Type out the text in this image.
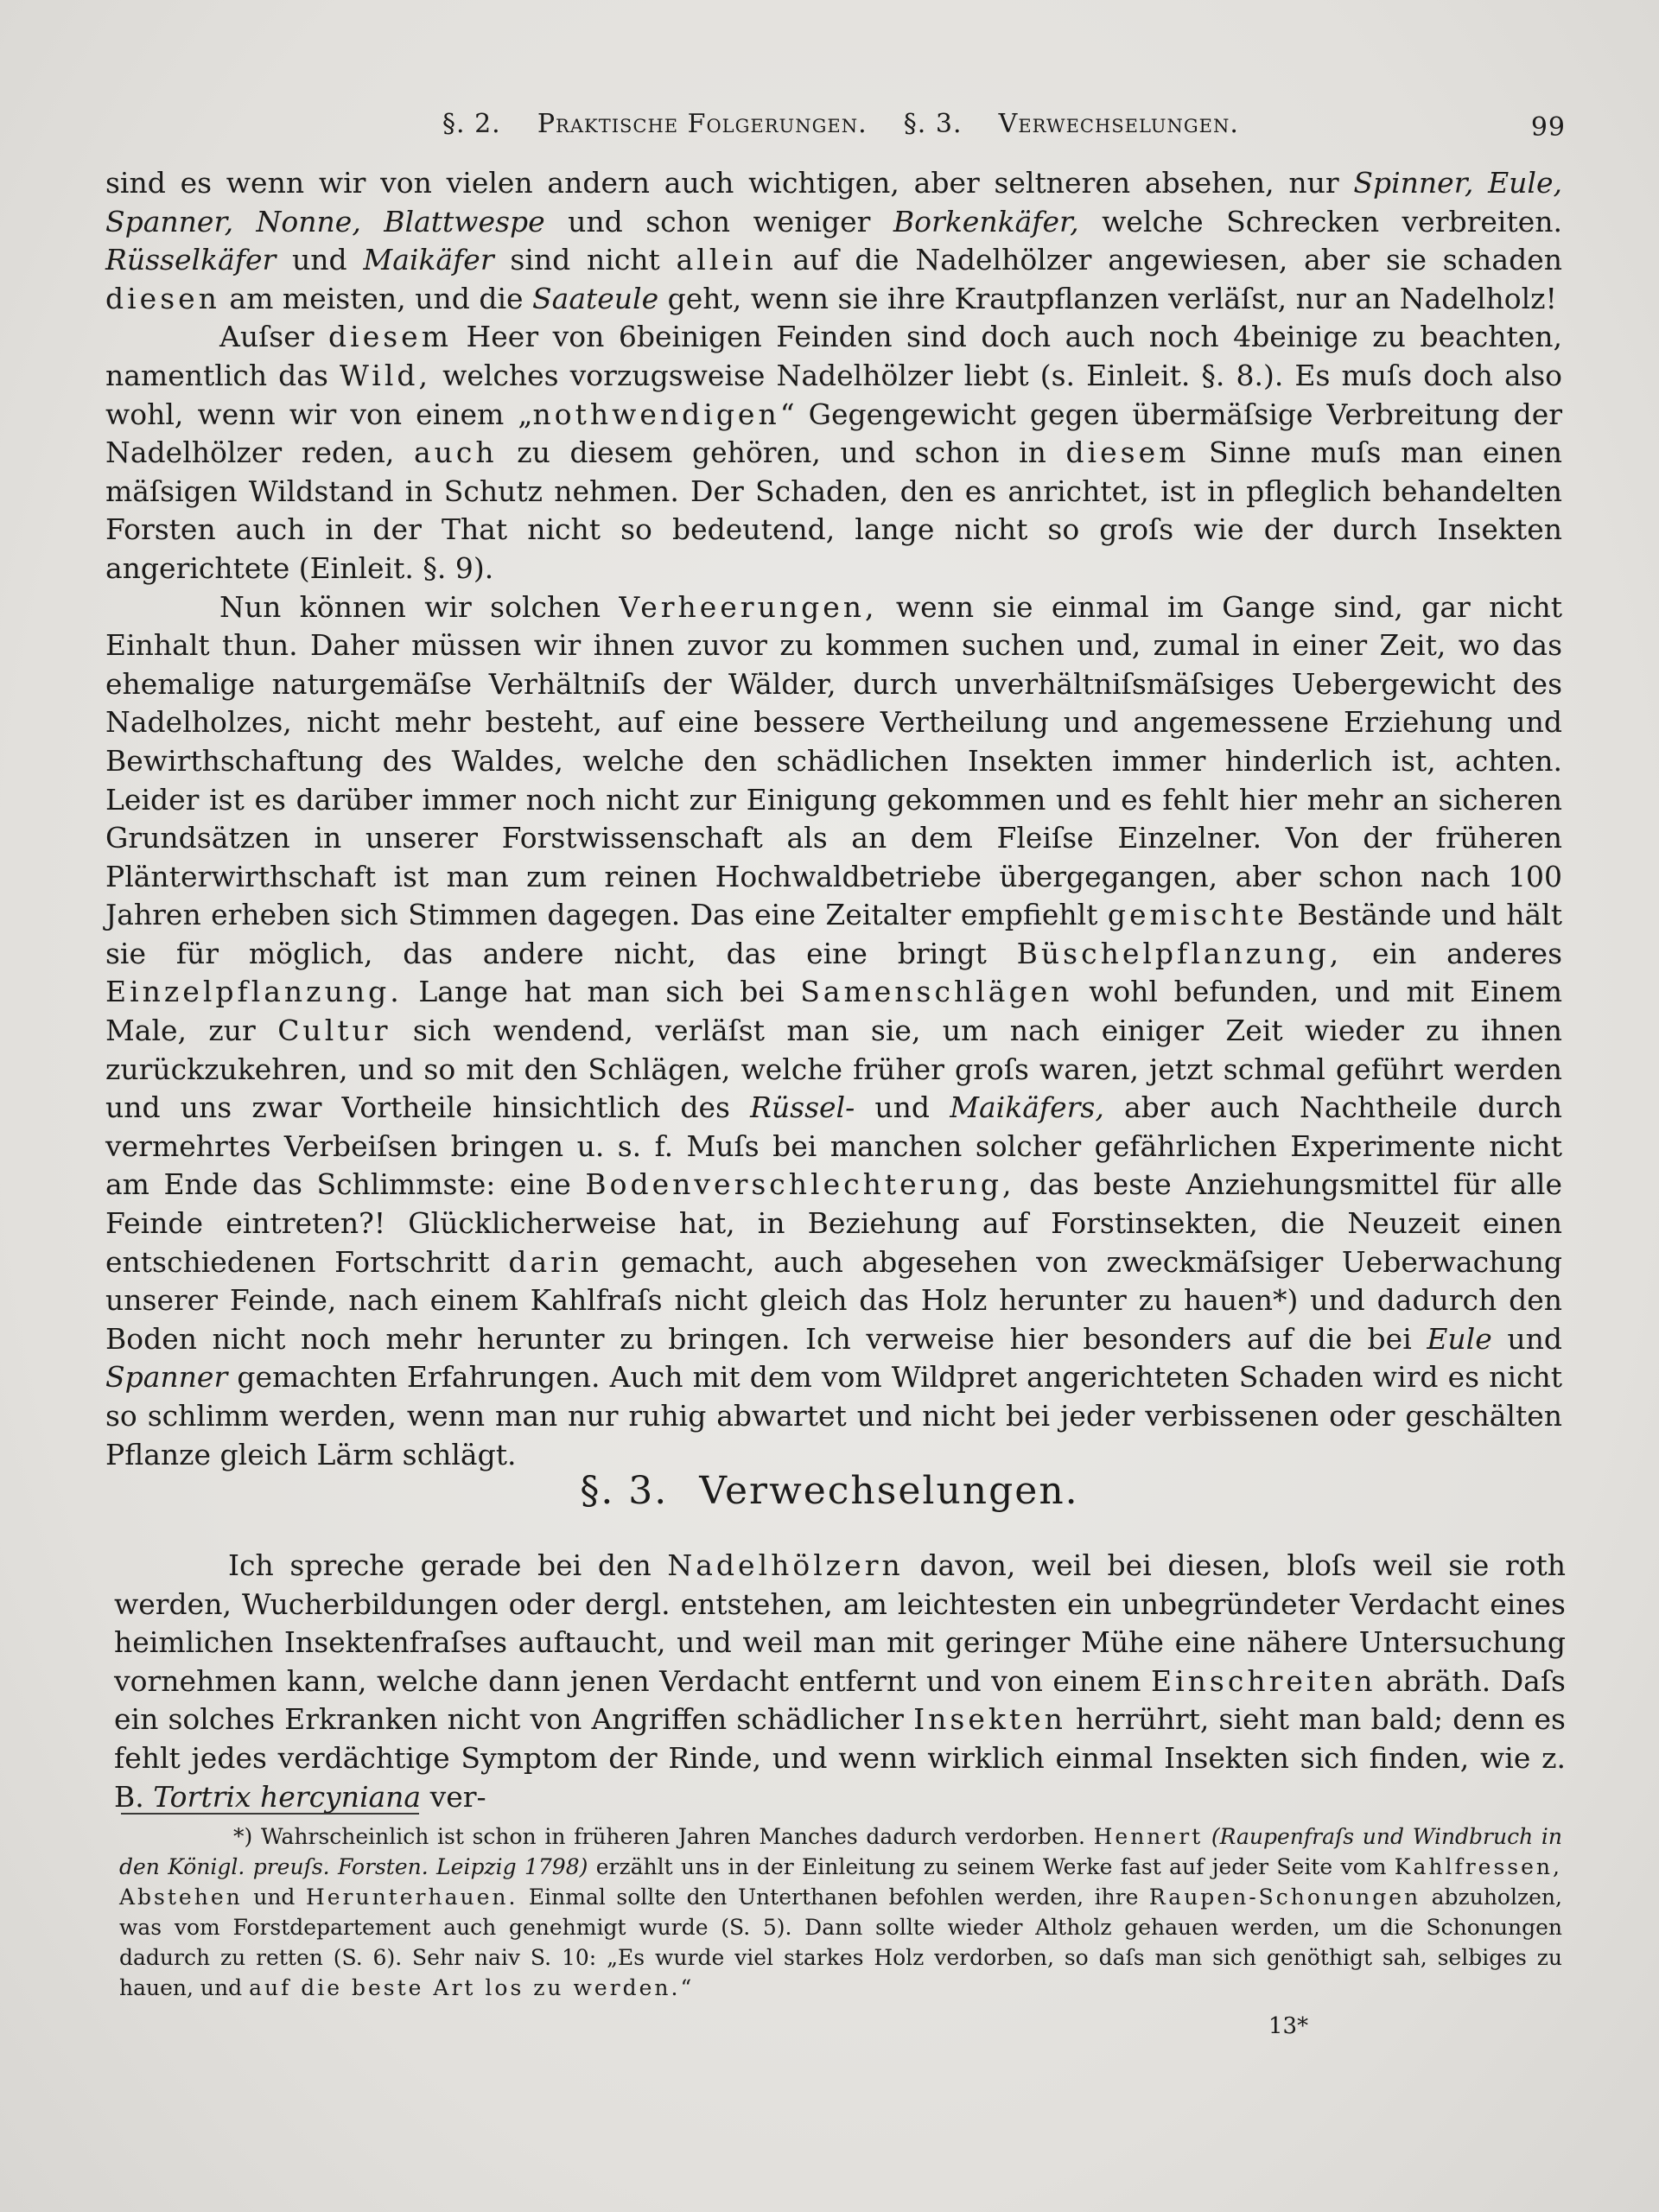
§. 2. Praktische Folgerungen. §. 3. Verwechselungen.	99

sind es wenn wir von vielen andern auch wichtigen, aber seltneren absehen, nur Spinner, Eule, Spanner, Nonne, Blattwespe und schon weniger Borkenkäfer, welche Schrecken verbreiten. Rüsselkäfer und Maikäfer sind nicht allein auf die Nadelhölzer angewiesen, aber sie schaden diesen am meisten, und die Saateule geht, wenn sie ihre Krautpflanzen verläſst, nur an Nadelholz!

Auſser diesem Heer von 6beinigen Feinden sind doch auch noch 4beinige zu beachten, namentlich das Wild, welches vorzugsweise Nadelhölzer liebt (s. Einleit. §. 8.). Es muſs doch also wohl, wenn wir von einem „nothwendigen“ Gegengewicht gegen übermäſsige Verbreitung der Nadelhölzer reden, auch zu diesem gehören, und schon in diesem Sinne muſs man einen mäſsigen Wildstand in Schutz nehmen. Der Schaden, den es anrichtet, ist in pfleglich behandelten Forsten auch in der That nicht so bedeutend, lange nicht so groſs wie der durch Insekten angerichtete (Einleit. §. 9).

Nun können wir solchen Verheerungen, wenn sie einmal im Gange sind, gar nicht Einhalt thun. Daher müssen wir ihnen zuvor zu kommen suchen und, zumal in einer Zeit, wo das ehemalige naturgemäſse Verhältniſs der Wälder, durch unverhältniſsmäſsiges Uebergewicht des Nadelholzes, nicht mehr besteht, auf eine bessere Vertheilung und angemessene Erziehung und Bewirthschaftung des Waldes, welche den schädlichen Insekten immer hinderlich ist, achten. Leider ist es darüber immer noch nicht zur Einigung gekommen und es fehlt hier mehr an sicheren Grundsätzen in unserer Forstwissenschaft als an dem Fleiſse Einzelner. Von der früheren Plänterwirthschaft ist man zum reinen Hochwaldbetriebe übergegangen, aber schon nach 100 Jahren erheben sich Stimmen dagegen. Das eine Zeitalter empfiehlt gemischte Bestände und hält sie für möglich, das andere nicht, das eine bringt Büschelpflanzung, ein anderes Einzelpflanzung. Lange hat man sich bei Samenschlägen wohl befunden, und mit Einem Male, zur Cultur sich wendend, verläſst man sie, um nach einiger Zeit wieder zu ihnen zurückzukehren, und so mit den Schlägen, welche früher groſs waren, jetzt schmal geführt werden und uns zwar Vortheile hinsichtlich des Rüssel- und Maikäfers, aber auch Nachtheile durch vermehrtes Verbeiſsen bringen u. s. f. Muſs bei manchen solcher gefährlichen Experimente nicht am Ende das Schlimmste: eine Bodenverschlechterung, das beste Anziehungsmittel für alle Feinde eintreten?! Glücklicherweise hat, in Beziehung auf Forstinsekten, die Neuzeit einen entschiedenen Fortschritt darin gemacht, auch abgesehen von zweckmäſsiger Ueberwachung unserer Feinde, nach einem Kahlfraſs nicht gleich das Holz herunter zu hauen*) und dadurch den Boden nicht noch mehr herunter zu bringen. Ich verweise hier besonders auf die bei Eule und Spanner gemachten Erfahrungen. Auch mit dem vom Wildpret angerichteten Schaden wird es nicht so schlimm werden, wenn man nur ruhig abwartet und nicht bei jeder verbissenen oder geschälten Pflanze gleich Lärm schlägt.

§. 3. Verwechselungen.

Ich spreche gerade bei den Nadelhölzern davon, weil bei diesen, bloſs weil sie roth werden, Wucherbildungen oder dergl. entstehen, am leichtesten ein unbegründeter Verdacht eines heimlichen Insektenfraſses auftaucht, und weil man mit geringer Mühe eine nähere Untersuchung vornehmen kann, welche dann jenen Verdacht entfernt und von einem Einschreiten abräth. Daſs ein solches Erkranken nicht von Angriffen schädlicher Insekten herrührt, sieht man bald; denn es fehlt jedes verdächtige Symptom der Rinde, und wenn wirklich einmal Insekten sich finden, wie z. B. Tortrix hercyniana ver-

*) Wahrscheinlich ist schon in früheren Jahren Manches dadurch verdorben. Hennert (Raupenfraſs und Windbruch in den Königl. preuſs. Forsten. Leipzig 1798) erzählt uns in der Einleitung zu seinem Werke fast auf jeder Seite vom Kahlfressen, Abstehen und Herunterhauen. Einmal sollte den Unterthanen befohlen werden, ihre Raupen-Schonungen abzuholzen, was vom Forstdepartement auch genehmigt wurde (S. 5). Dann sollte wieder Altholz gehauen werden, um die Schonungen dadurch zu retten (S. 6). Sehr naiv S. 10: „Es wurde viel starkes Holz verdorben, so daſs man sich genöthigt sah, selbiges zu hauen, und auf die beste Art los zu werden.“

13*
